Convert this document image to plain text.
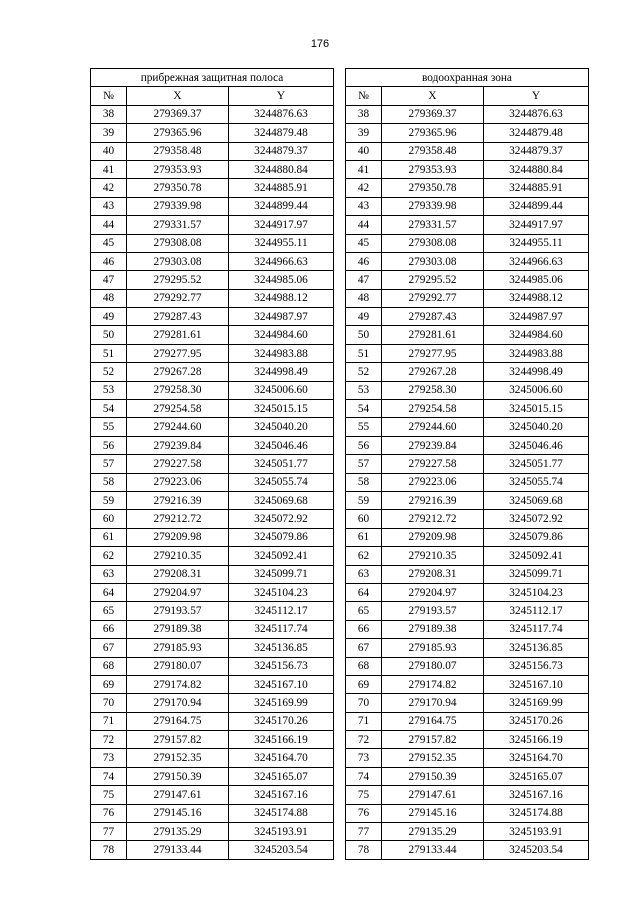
176
прибрежная защитная полоса		
№	X	Y
38	279369.37	3244876.63
39	279365.96	3244879.48
40	279358.48	3244879.37
41	279353.93	3244880.84
42	279350.78	3244885.91
43	279339.98	3244899.44
44	279331.57	3244917.97
45	279308.08	3244955.11
46	279303.08	3244966.63
47	279295.52	3244985.06
48	279292.77	3244988.12
49	279287.43	3244987.97
50	279281.61	3244984.60
51	279277.95	3244983.88
52	279267.28	3244998.49
53	279258.30	3245006.60
54	279254.58	3245015.15
55	279244.60	3245040.20
56	279239.84	3245046.46
57	279227.58	3245051.77
58	279223.06	3245055.74
59	279216.39	3245069.68
60	279212.72	3245072.92
61	279209.98	3245079.86
62	279210.35	3245092.41
63	279208.31	3245099.71
64	279204.97	3245104.23
65	279193.57	3245112.17
66	279189.38	3245117.74
67	279185.93	3245136.85
68	279180.07	3245156.73
69	279174.82	3245167.10
70	279170.94	3245169.99
71	279164.75	3245170.26
72	279157.82	3245166.19
73	279152.35	3245164.70
74	279150.39	3245165.07
75	279147.61	3245167.16
76	279145.16	3245174.88
77	279135.29	3245193.91
78	279133.44	3245203.54
водоохранная зона		
№	X	Y
38	279369.37	3244876.63
39	279365.96	3244879.48
40	279358.48	3244879.37
41	279353.93	3244880.84
42	279350.78	3244885.91
43	279339.98	3244899.44
44	279331.57	3244917.97
45	279308.08	3244955.11
46	279303.08	3244966.63
47	279295.52	3244985.06
48	279292.77	3244988.12
49	279287.43	3244987.97
50	279281.61	3244984.60
51	279277.95	3244983.88
52	279267.28	3244998.49
53	279258.30	3245006.60
54	279254.58	3245015.15
55	279244.60	3245040.20
56	279239.84	3245046.46
57	279227.58	3245051.77
58	279223.06	3245055.74
59	279216.39	3245069.68
60	279212.72	3245072.92
61	279209.98	3245079.86
62	279210.35	3245092.41
63	279208.31	3245099.71
64	279204.97	3245104.23
65	279193.57	3245112.17
66	279189.38	3245117.74
67	279185.93	3245136.85
68	279180.07	3245156.73
69	279174.82	3245167.10
70	279170.94	3245169.99
71	279164.75	3245170.26
72	279157.82	3245166.19
73	279152.35	3245164.70
74	279150.39	3245165.07
75	279147.61	3245167.16
76	279145.16	3245174.88
77	279135.29	3245193.91
78	279133.44	3245203.54
